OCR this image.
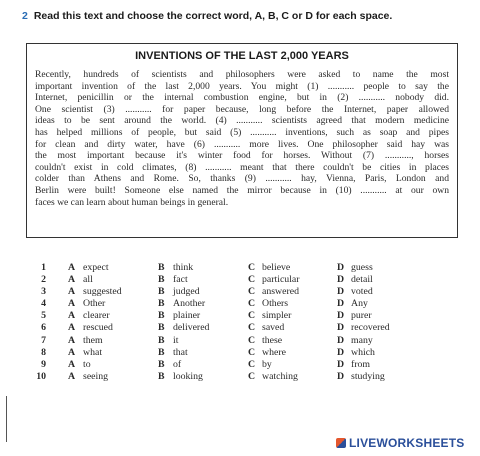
2 Read this text and choose the correct word, A, B, C or D for each space.
INVENTIONS OF THE LAST 2,000 YEARS
Recently, hundreds of scientists and philosophers were asked to name the most
important invention of the last 2,000 years. You might (1) ........... people to say the
Internet, penicillin or the internal combustion engine, but in (2) ........... nobody did.
One scientist (3) ........... for paper because, long before the Internet, paper allowed
ideas to be sent around the world. (4) ........... scientists agreed that modern medicine
has helped millions of people, but said (5) ........... inventions, such as soap and pipes
for clean and dirty water, have (6) ........... more lives. One philosopher said hay was
the most important because it's winter food for horses. Without (7) ..........., horses
couldn't exist in cold climates, (8) ........... meant that there couldn't be cities in places
colder than Athens and Rome. So, thanks (9) ........... hay, Vienna, Paris, London and
Berlin were built! Someone else named the mirror because in (10) ........... at our own
faces we can learn about human beings in general.
1 A expect	B think	C believe	D guess
2 A all	B fact	C particular	D detail
3 A suggested	B judged	C answered	D voted
4 A Other	B Another	C Others	D Any
5 A clearer	B plainer	C simpler	D purer
6 A rescued	B delivered	C saved	D recovered
7 A them	B it	C these	D many
8 A what	B that	C where	D which
9 A to	B of	C by	D from
10 A seeing	B looking	C watching	D studying
LIVEWORKSHEETS
